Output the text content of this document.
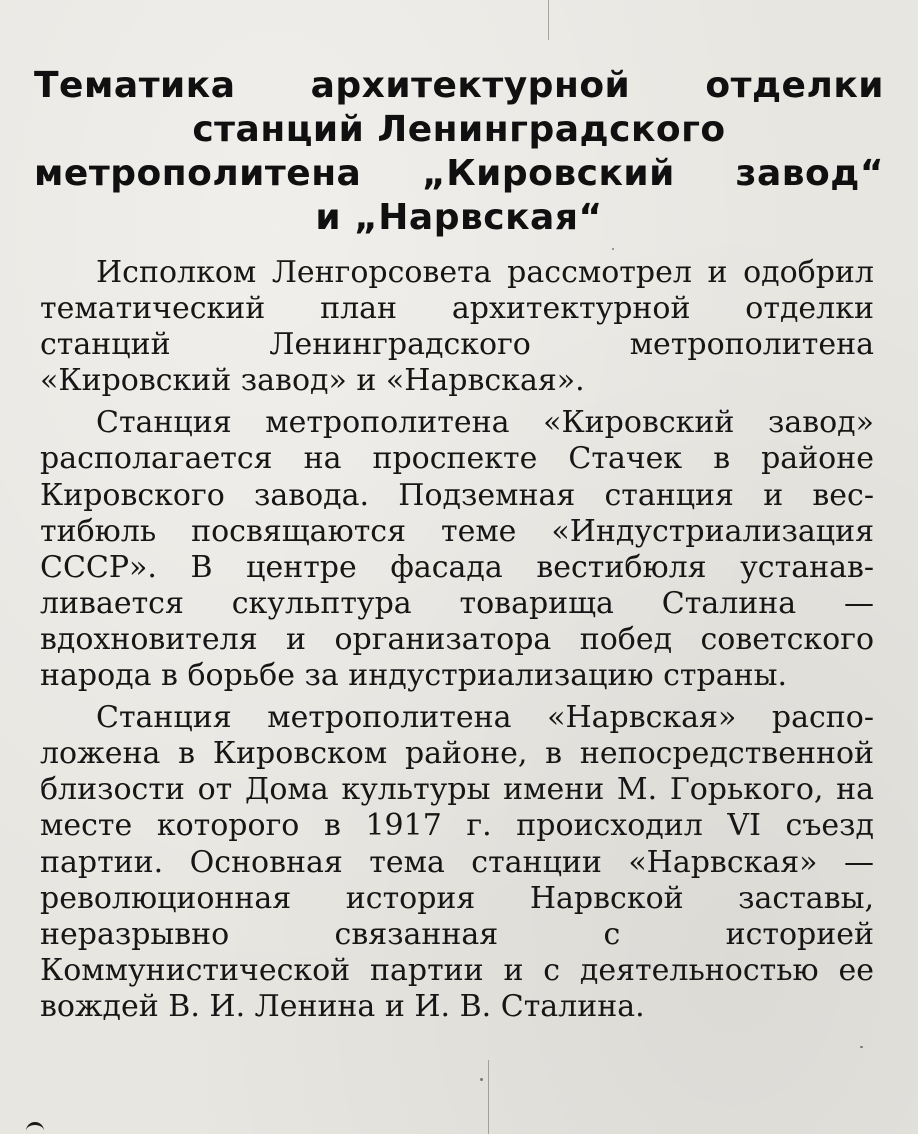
Тематика архитектурной отделки
станций Ленинградского
метрополитена „Кировский завод“
и „Нарвская“

Исполком Ленгорсовета рассмотрел и одобрил тематический план архитектурной отделки станций Ленинградского метрополитена «Кировский завод» и «Нарвская».

Станция метрополитена «Кировский завод» располагается на проспекте Стачек в районе Кировского завода. Подземная станция и вестибюль посвящаются теме «Индустриализация СССР». В центре фасада вестибюля устанавливается скульптура товарища Сталина — вдохновителя и организатора побед советского народа в борьбе за индустриализацию страны.

Станция метрополитена «Нарвская» расположена в Кировском районе, в непосредственной близости от Дома культуры имени М. Горького, на месте которого в 1917 г. происходил VI съезд партии. Основная тема станции «Нарвская» — революционная история Нарвской заставы, неразрывно связанная с историей Коммунистической партии и с деятельностью ее вождей В. И. Ленина и И. В. Сталина.
